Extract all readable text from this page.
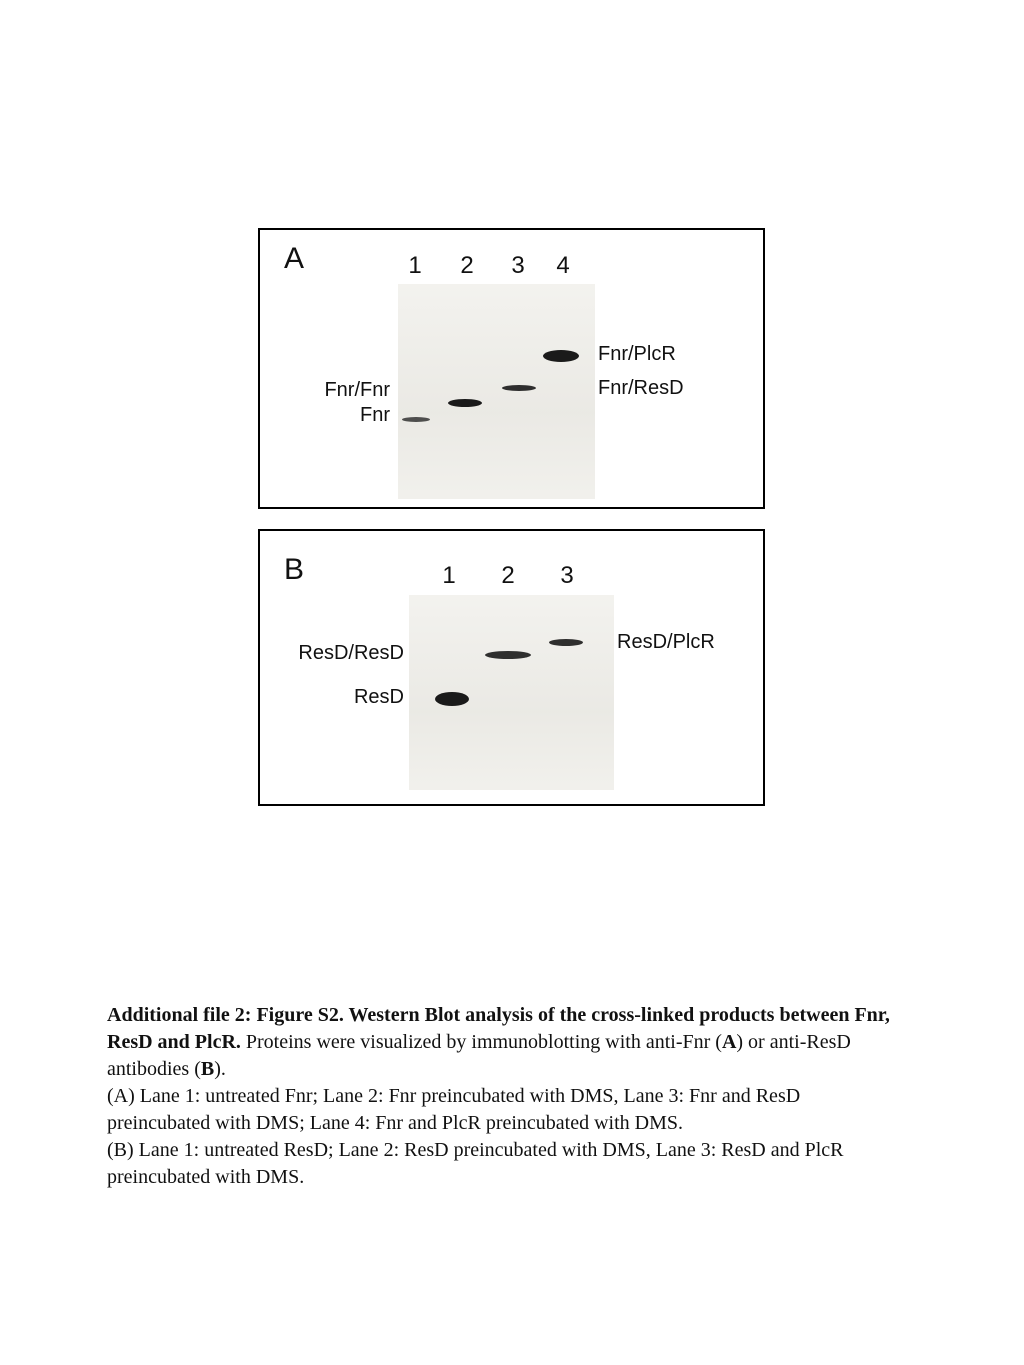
A	1	2	3	4
Fnr/Fnr
Fnr
Fnr/PlcR
Fnr/ResD
B	1	2	3
ResD/ResD
ResD
ResD/PlcR

Additional file 2: Figure S2. Western Blot analysis of the cross-linked products between Fnr, ResD and PlcR. Proteins were visualized by immunoblotting with anti-Fnr (A) or anti-ResD antibodies (B).

(A) Lane 1: untreated Fnr; Lane 2: Fnr preincubated with DMS, Lane 3: Fnr and ResD preincubated with DMS; Lane 4: Fnr and PlcR preincubated with DMS.

(B) Lane 1: untreated ResD; Lane 2: ResD preincubated with DMS, Lane 3: ResD and PlcR preincubated with DMS.
